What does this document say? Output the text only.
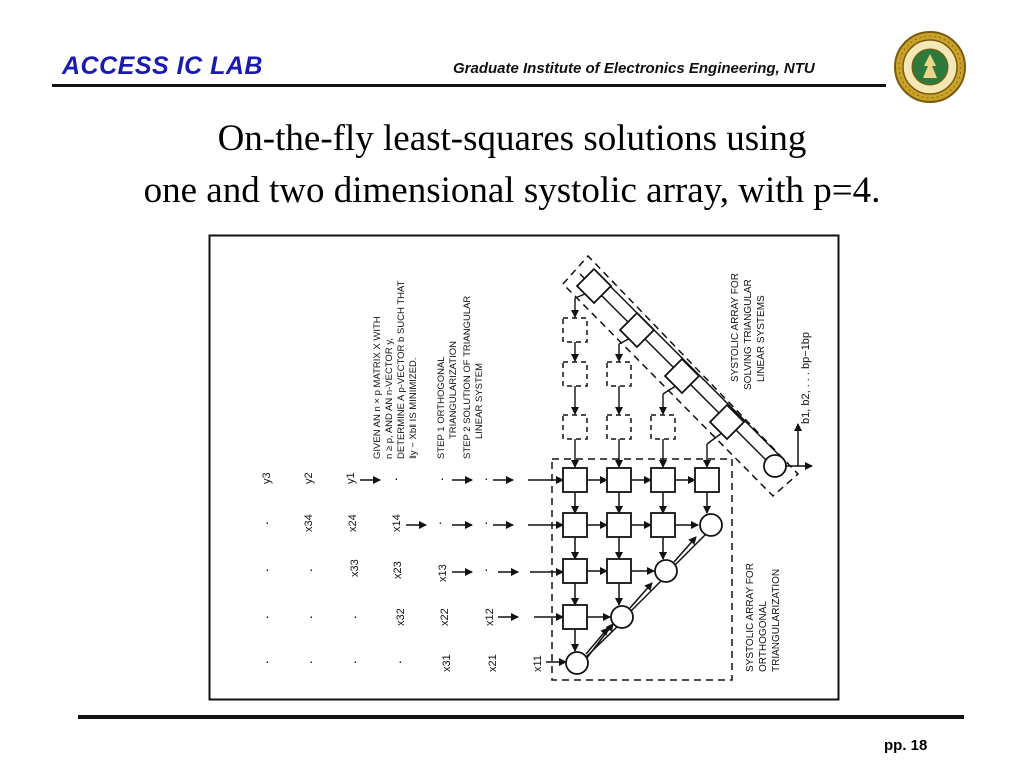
ACCESS IC LAB	Graduate Institute of Electronics Engineering, NTU
On-the-fly least-squares solutions using
one and two dimensional systolic array, with p=4.
GIVEN AN n × p MATRIX X WITH n ≥ p, AND AN n-VECTOR y, DETERMINE A p-VECTOR b SUCH THAT ‖y − Xb‖ IS MINIMIZED. STEP 1 ORTHOGONAL TRIANGULARIZATION STEP 2 SOLUTION OF TRIANGULAR LINEAR SYSTEM
SYSTOLIC ARRAY FOR SOLVING TRIANGULAR LINEAR SYSTEMS
SYSTOLIC ARRAY FOR ORTHOGONAL TRIANGULARIZATION
b1, b2, . . . bp−1bp
y1
y2
y3
x14
x24
x34
x13
x23
x33
x12
x22
x32
x11
x21
x31
·
·
·
·
·
·
·
·
·
·
·	·	·
·	·
·
pp. 18
